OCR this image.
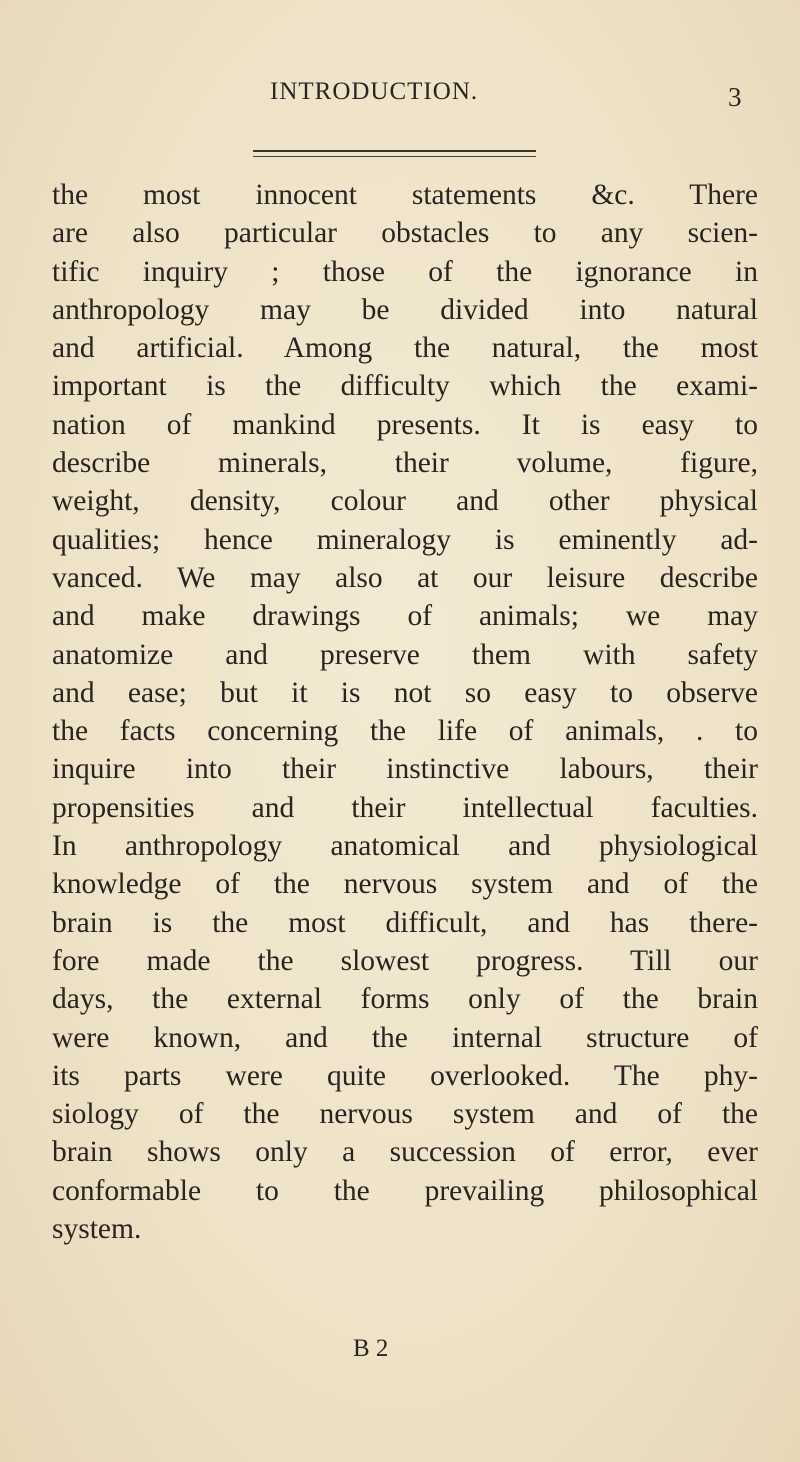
INTRODUCTION.	3
the most innocent statements &c. There
are also particular obstacles to any scien-
tific inquiry ; those of the ignorance in
anthropology may be divided into natural
and artificial. Among the natural, the most
important is the difficulty which the exami-
nation of mankind presents. It is easy to
describe minerals, their volume, figure,
weight, density, colour and other physical
qualities; hence mineralogy is eminently ad-
vanced. We may also at our leisure describe
and make drawings of animals; we may
anatomize and preserve them with safety
and ease; but it is not so easy to observe
the facts concerning the life of animals, . to
inquire into their instinctive labours, their
propensities and their intellectual faculties.
In anthropology anatomical and physiological
knowledge of the nervous system and of the
brain is the most difficult, and has there-
fore made the slowest progress. Till our
days, the external forms only of the brain
were known, and the internal structure of
its parts were quite overlooked. The phy-
siology of the nervous system and of the
brain shows only a succession of error, ever
conformable to the prevailing philosophical
system.
B 2
